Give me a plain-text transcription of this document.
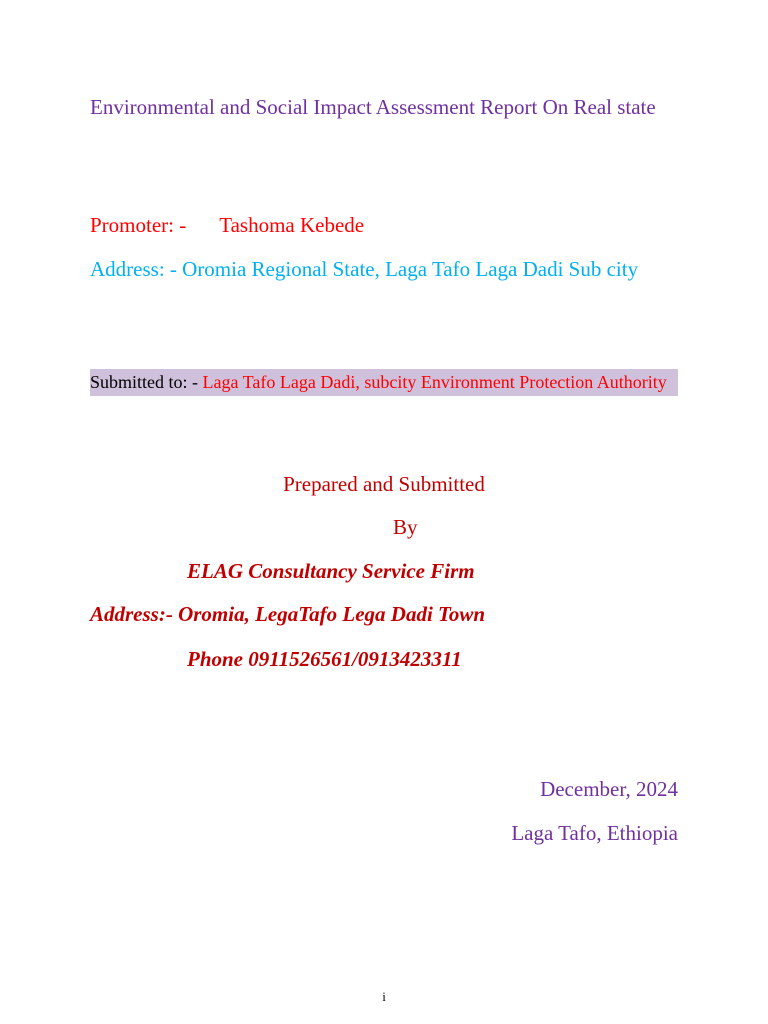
Environmental and Social Impact Assessment Report On Real state
Promoter: - Tashoma Kebede
Address: - Oromia Regional State, Laga Tafo Laga Dadi Sub city
Submitted to: - Laga Tafo Laga Dadi, subcity Environment Protection Authority
Prepared and Submitted
By
ELAG Consultancy Service Firm
Address:- Oromia, LegaTafo Lega Dadi Town
Phone 0911526561/0913423311
December, 2024
Laga Tafo, Ethiopia
i
